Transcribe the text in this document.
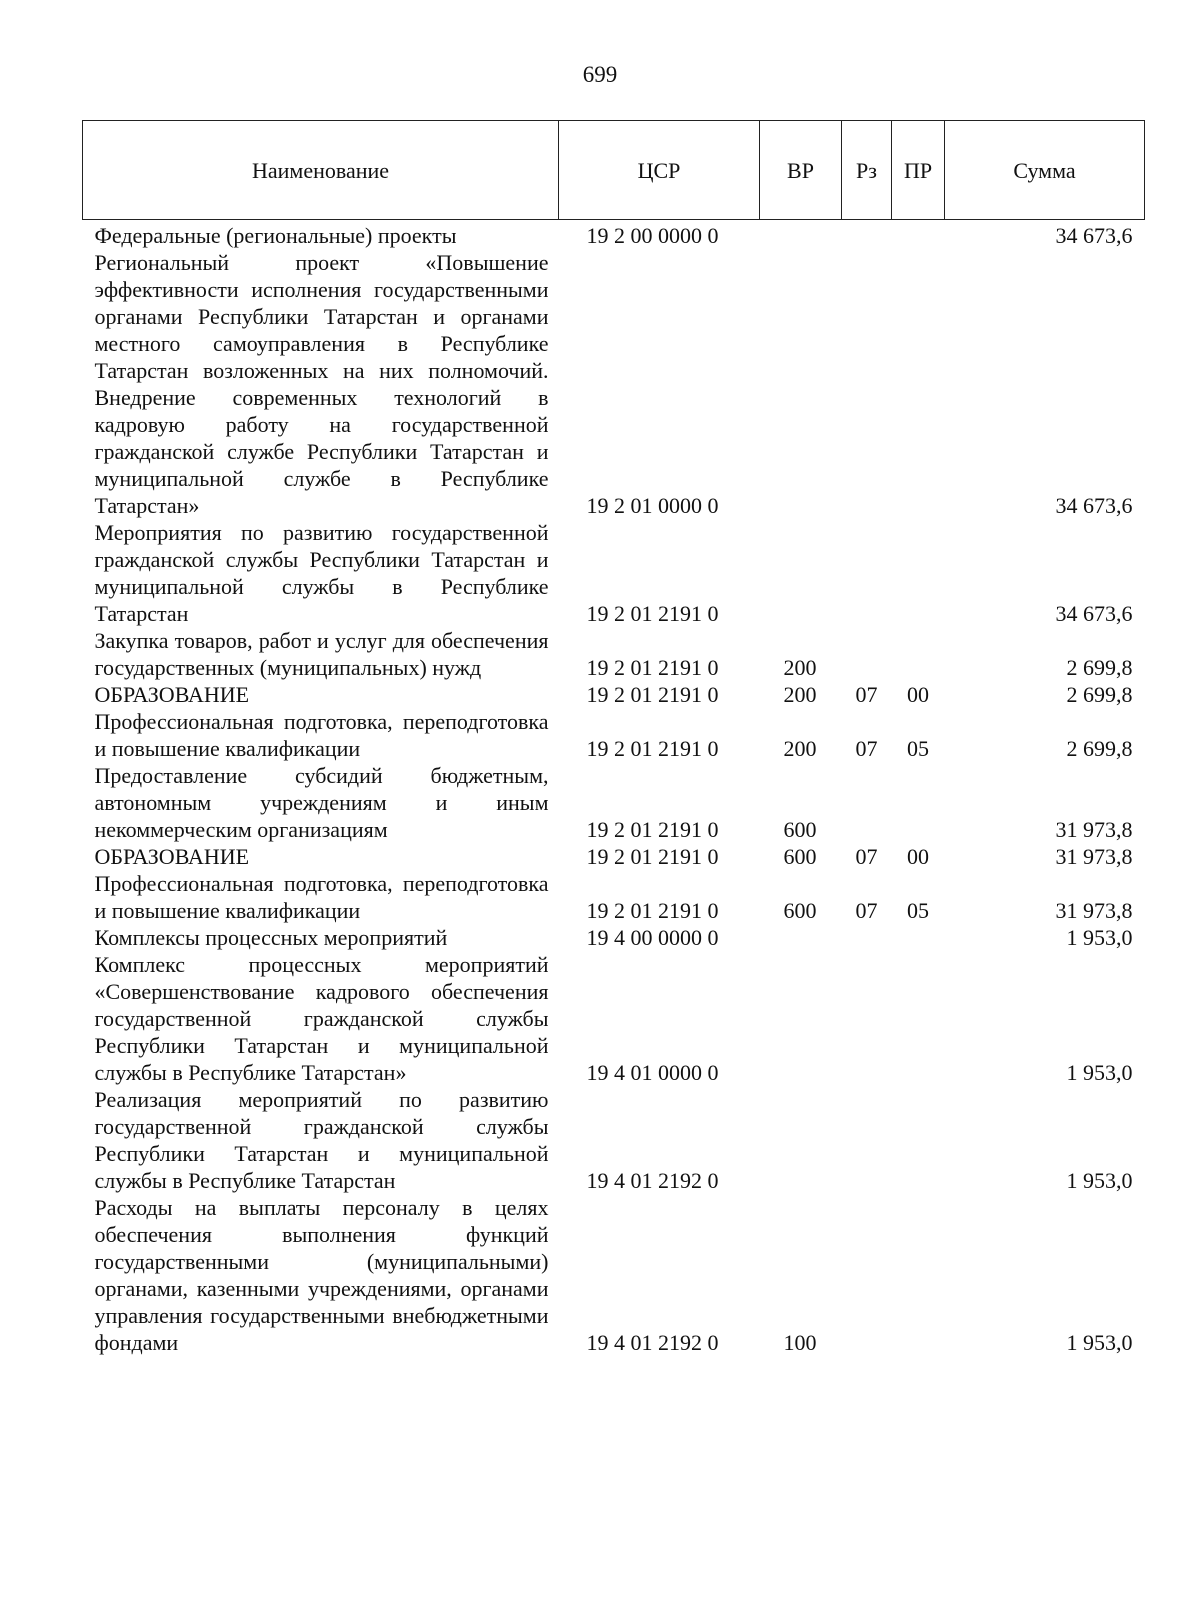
699
Наименование	ЦСР	ВР	Рз	ПР	Сумма
Федеральные (региональные) проекты	19 2 00 0000 0				34 673,6
Региональный проект «Повышение эффективности исполнения государственными органами Республики Татарстан и органами местного самоуправления в Республике Татарстан возложенных на них полномочий. Внедрение современных технологий в кадровую работу на государственной гражданской службе Республики Татарстан и муниципальной службе в Республике Татарстан»	19 2 01 0000 0				34 673,6
Мероприятия по развитию государственной гражданской службы Республики Татарстан и муниципальной службы в Республике Татарстан	19 2 01 2191 0				34 673,6
Закупка товаров, работ и услуг для обеспечения государственных (муниципальных) нужд	19 2 01 2191 0	200			2 699,8
ОБРАЗОВАНИЕ	19 2 01 2191 0	200	07	00	2 699,8
Профессиональная подготовка, переподготовка и повышение квалификации	19 2 01 2191 0	200	07	05	2 699,8
Предоставление субсидий бюджетным, автономным учреждениям и иным некоммерческим организациям	19 2 01 2191 0	600			31 973,8
ОБРАЗОВАНИЕ	19 2 01 2191 0	600	07	00	31 973,8
Профессиональная подготовка, переподготовка и повышение квалификации	19 2 01 2191 0	600	07	05	31 973,8
Комплексы процессных мероприятий	19 4 00 0000 0				1 953,0
Комплекс процессных мероприятий «Совершенствование кадрового обеспечения государственной гражданской службы Республики Татарстан и муниципальной службы в Республике Татарстан»	19 4 01 0000 0				1 953,0
Реализация мероприятий по развитию государственной гражданской службы Республики Татарстан и муниципальной службы в Республике Татарстан	19 4 01 2192 0				1 953,0
Расходы на выплаты персоналу в целях обеспечения выполнения функций государственными (муниципальными) органами, казенными учреждениями, органами управления государственными внебюджетными фондами	19 4 01 2192 0	100			1 953,0
